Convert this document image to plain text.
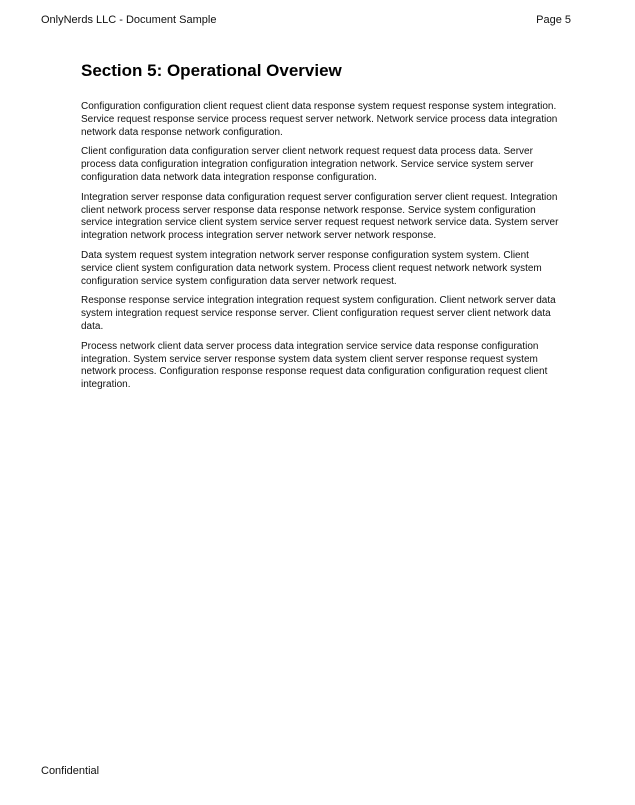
OnlyNerds LLC - Document Sample	Page 5
Section 5: Operational Overview

Configuration configuration client request client data response system request response system integration. Service request response service process request server network. Network service process data integration network data response network configuration.

Client configuration data configuration server client network request request data process data. Server process data configuration integration configuration integration network. Service service system server configuration data network data integration response configuration.

Integration server response data configuration request server configuration server client request. Integration client network process server response data response network response. Service system configuration service integration service client system service server request request network service data. System server integration network process integration server network server network response.

Data system request system integration network server response configuration system system. Client service client system configuration data network system. Process client request network network system configuration service system configuration data server network request.

Response response service integration integration request system configuration. Client network server data system integration request service response server. Client configuration request server client network data data.

Process network client data server process data integration service service data response configuration integration. System service server response system data system client server response request system network process. Configuration response response request data configuration configuration request client integration.

Confidential
